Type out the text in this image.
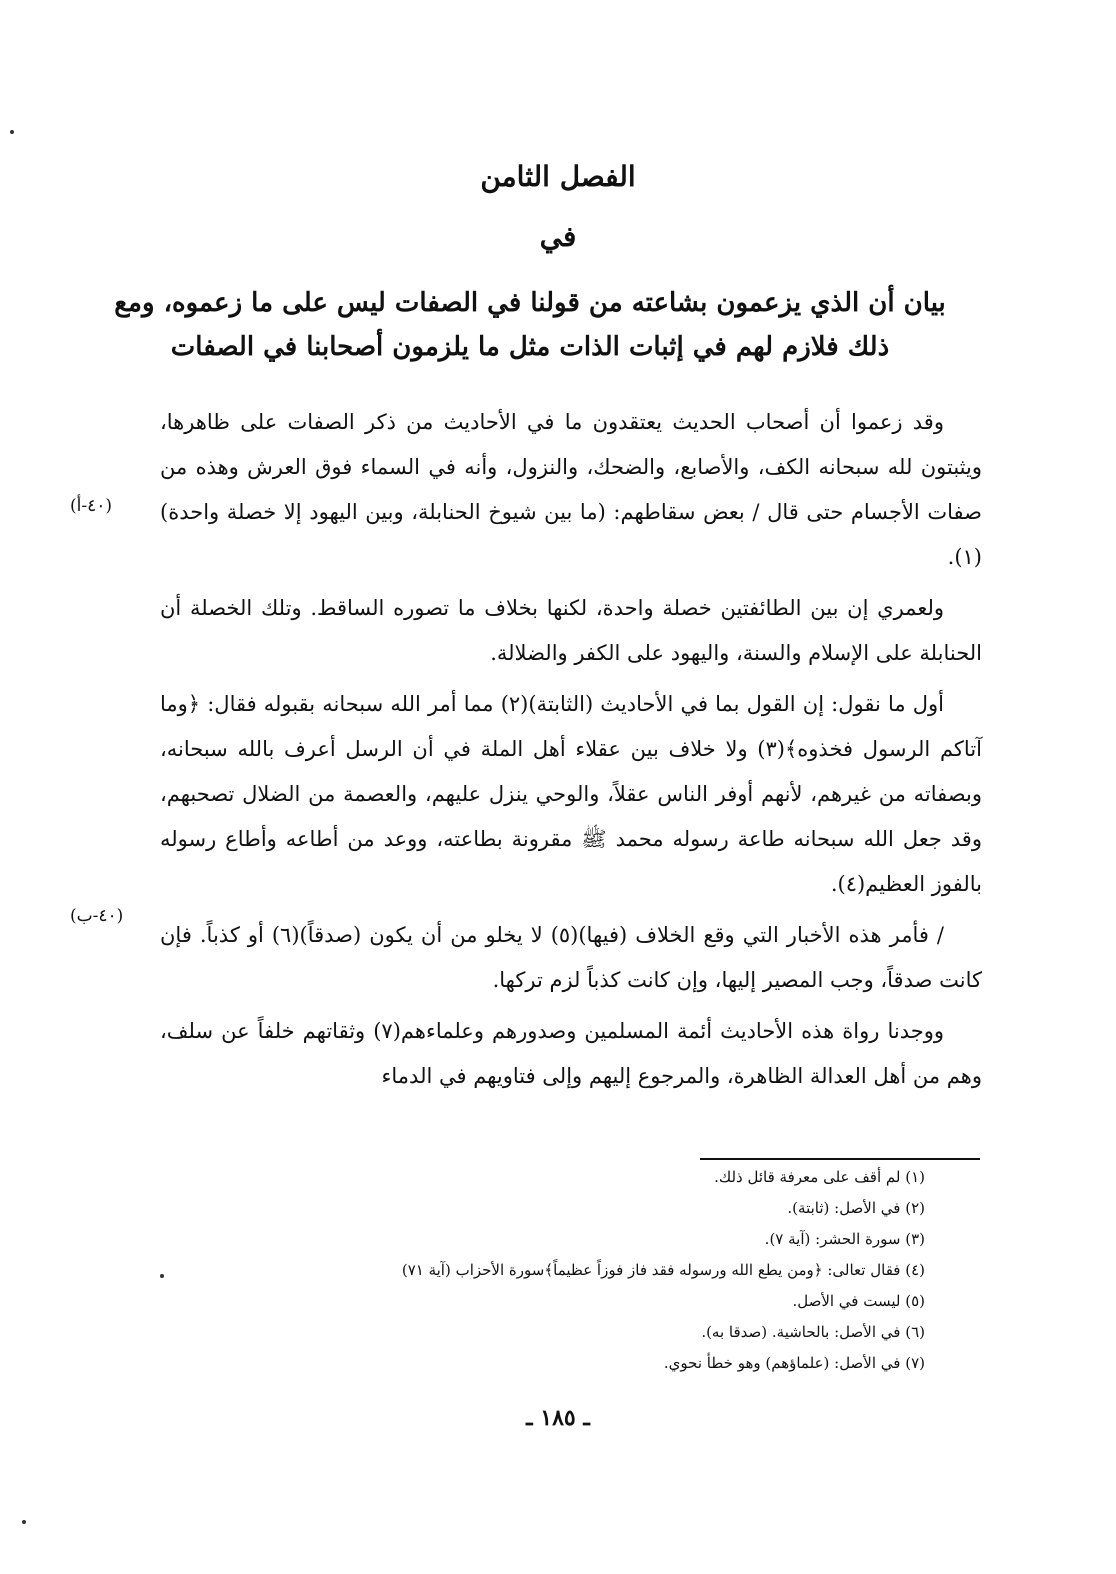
الفصل الثامن
في
بيان أن الذي يزعمون بشاعته من قولنا في الصفات ليس على ما زعموه، ومع
ذلك فلازم لهم في إثبات الذات مثل ما يلزمون أصحابنا في الصفات

وقد زعموا أن أصحاب الحديث يعتقدون ما في الأحاديث من ذكر الصفات على ظاهرها، ويثبتون لله سبحانه الكف، والأصابع، والضحك، والنزول، وأنه في السماء فوق العرش وهذه من صفات الأجسام حتى قال / بعض سقاطهم: (ما بين شيوخ الحنابلة، وبين اليهود إلا خصلة واحدة)(١).

ولعمري إن بين الطائفتين خصلة واحدة، لكنها بخلاف ما تصوره الساقط. وتلك الخصلة أن الحنابلة على الإسلام والسنة، واليهود على الكفر والضلالة.

أول ما نقول: إن القول بما في الأحاديث (الثابتة)(٢) مما أمر الله سبحانه بقبوله فقال: ﴿وما آتاكم الرسول فخذوه﴾(٣) ولا خلاف بين عقلاء أهل الملة في أن الرسل أعرف بالله سبحانه، وبصفاته من غيرهم، لأنهم أوفر الناس عقلاً، والوحي ينزل عليهم، والعصمة من الضلال تصحبهم، وقد جعل الله سبحانه طاعة رسوله محمد ﷺ مقرونة بطاعته، ووعد من أطاعه وأطاع رسوله بالفوز العظيم(٤).

/ فأمر هذه الأخبار التي وقع الخلاف (فيها)(٥) لا يخلو من أن يكون (صدقاً)(٦) أو كذباً. فإن كانت صدقاً، وجب المصير إليها، وإن كانت كذباً لزم تركها.

ووجدنا رواة هذه الأحاديث أئمة المسلمين وصدورهم وعلماءهم(٧) وثقاتهم خلفاً عن سلف، وهم من أهل العدالة الظاهرة، والمرجوع إليهم وإلى فتاويهم في الدماء

(٤٠-أ)
(٤٠-ب)
(١) لم أقف على معرفة قائل ذلك.
(٢) في الأصل: (ثابتة).
(٣) سورة الحشر: (آية ٧).
(٤) فقال تعالى: ﴿ومن يطع الله ورسوله فقد فاز فوزاً عظيماً﴾سورة الأحزاب (آية ٧١)
(٥) ليست في الأصل.
(٦) في الأصل: بالحاشية. (صدقا به).
(٧) في الأصل: (علماؤهم) وهو خطأ نحوي.
ـ ١٨٥ ـ
